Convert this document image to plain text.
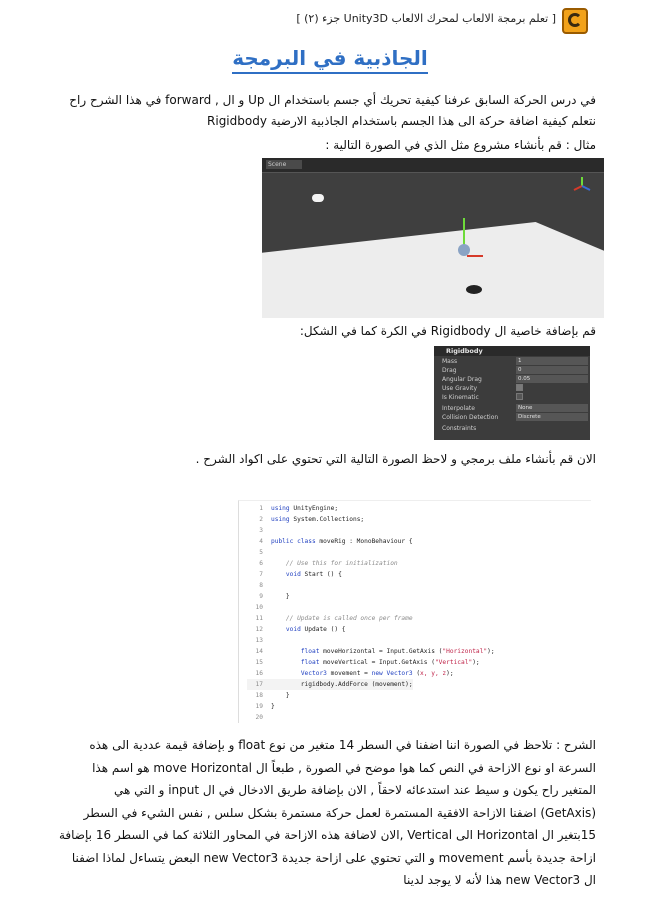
[ تعلم برمجة الالعاب لمحرك الالعاب Unity3D جزء (٢) ]
الجاذبية في البرمجة
في درس الحركة السابق عرفنا كيفية تحريك أي جسم باستخدام ال Up و ال , forward في هذا الشرح راح نتعلم كيفية اضافة حركة الى هذا الجسم باستخدام الجاذبية الارضية Rigidbody
مثال : قم بأنشاء مشروع مثل الذي في الصورة التالية :
Scene
قم بإضافة خاصية ال Rigidbody في الكرة كما في الشكل:
Rigidbody
Mass	1
Drag	0
Angular Drag	0.05
Use Gravity
Is Kinematic
Interpolate	None
Collision Detection	Discrete
Constraints
الان قم بأنشاء ملف برمجي و لاحظ الصورة التالية التي تحتوي على اكواد الشرح .
1 using UnityEngine;
2 using System.Collections;
3
4 public class moveRig : MonoBehaviour {
5
6    // Use this for initialization
7	void Start () {
8
9    }
10
11    // Update is called once per frame
12	void Update () {
13
14	float moveHorizontal = Input.GetAxis ("Horizontal");
15	float moveVertical = Input.GetAxis ("Vertical");
16	Vector3 movement = new Vector3 (x, y, z);
17        rigidbody.AddForce (movement);
18    }
19 }
20
الشرح : تلاحظ في الصورة اننا اضفنا في السطر 14 متغير من نوع float و بإضافة قيمة عددية الى هذه السرعة او نوع الازاحة في النص كما هوا موضح في الصورة , طبعاً ال move Horizontal هو اسم هذا المتغير راح يكون و سيط عند استدعائه لاحقاً , الان بإضافة طريق الادخال في ال input و التي هي (GetAxis) اضفنا الازاحة الافقية المستمرة لعمل حركة مستمرة بشكل سلس , نفس الشيء في السطر 15بتغير ال Horizontal الى Vertical ,الان لاضافة هذه الازاحة في المحاور الثلاثة كما في السطر 16 بإضافة ازاحة جديدة بأسم movement و التي تحتوي على ازاحة جديدة new Vector3 البعض يتساءل لماذا اضفنا ال new Vector3 هذا لأنه لا يوجد لدينا
